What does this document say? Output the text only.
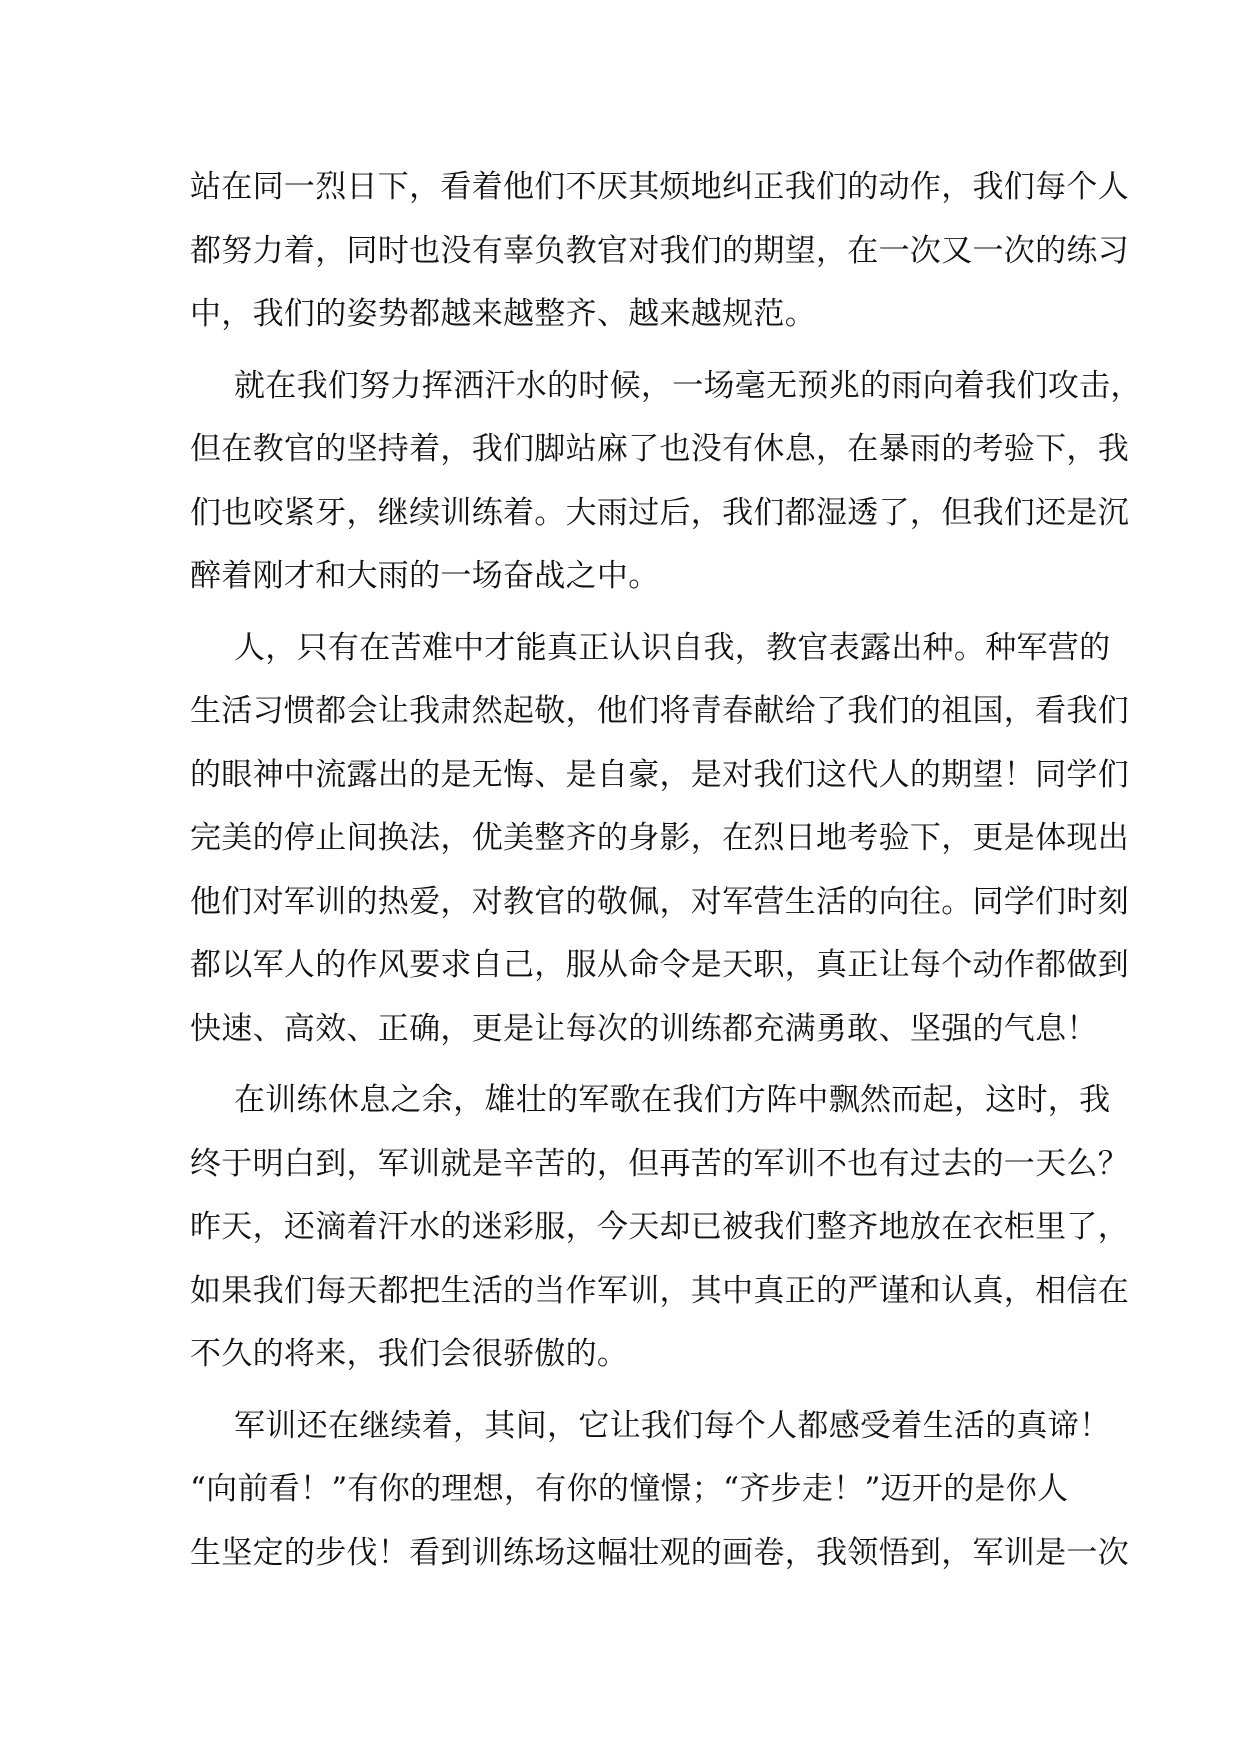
站在同一烈日下，看着他们不厌其烦地纠正我们的动作，我们每个人
都努力着，同时也没有辜负教官对我们的期望，在一次又一次的练习
中，我们的姿势都越来越整齐、越来越规范。
就在我们努力挥洒汗水的时候，一场毫无预兆的雨向着我们攻击，
但在教官的坚持着，我们脚站麻了也没有休息，在暴雨的考验下，我
们也咬紧牙，继续训练着。大雨过后，我们都湿透了，但我们还是沉
醉着刚才和大雨的一场奋战之中。
人，只有在苦难中才能真正认识自我，教官表露出种。种军营的
生活习惯都会让我肃然起敬，他们将青春献给了我们的祖国，看我们
的眼神中流露出的是无悔、是自豪，是对我们这代人的期望！同学们
完美的停止间换法，优美整齐的身影，在烈日地考验下，更是体现出
他们对军训的热爱，对教官的敬佩，对军营生活的向往。同学们时刻
都以军人的作风要求自己，服从命令是天职，真正让每个动作都做到
快速、高效、正确，更是让每次的训练都充满勇敢、坚强的气息！
在训练休息之余，雄壮的军歌在我们方阵中飘然而起，这时，我
终于明白到，军训就是辛苦的，但再苦的军训不也有过去的一天么？
昨天，还滴着汗水的迷彩服，今天却已被我们整齐地放在衣柜里了，
如果我们每天都把生活的当作军训，其中真正的严谨和认真，相信在
不久的将来，我们会很骄傲的。
军训还在继续着，其间，它让我们每个人都感受着生活的真谛！
“向前看！”有你的理想，有你的憧憬；“齐步走！”迈开的是你人
生坚定的步伐！看到训练场这幅壮观的画卷，我领悟到，军训是一次
